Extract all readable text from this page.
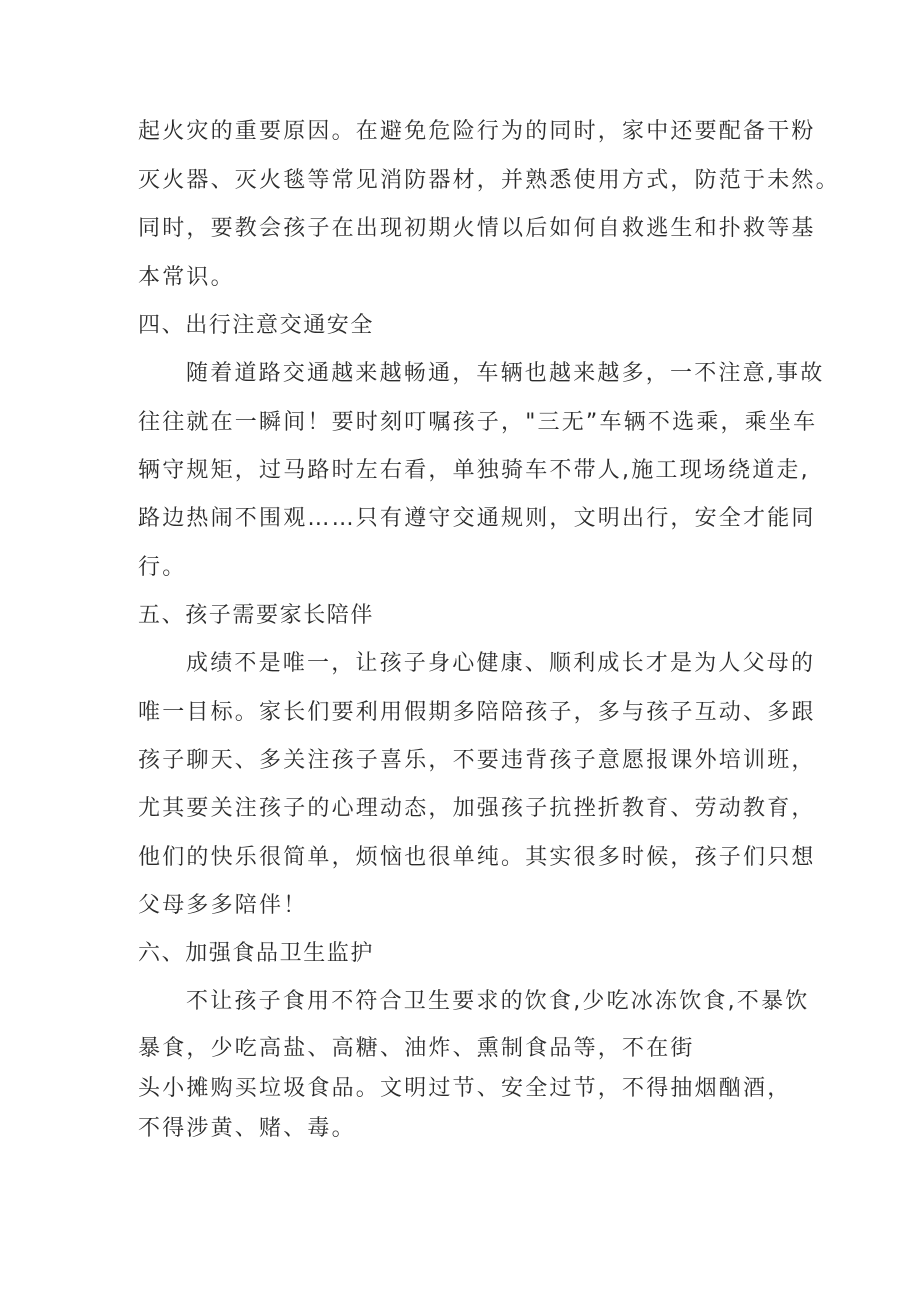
起火灾的重要原因。在避免危险行为的同时，家中还要配备干粉

灭火器、灭火毯等常见消防器材，并熟悉使用方式，防范于未然。

同时，要教会孩子在出现初期火情以后如何自救逃生和扑救等基

本常识。

四、出行注意交通安全

随着道路交通越来越畅通，车辆也越来越多，一不注意,事故

往往就在一瞬间！要时刻叮嘱孩子，"三无”车辆不选乘，乘坐车

辆守规矩，过马路时左右看，单独骑车不带人,施工现场绕道走,

路边热闹不围观……只有遵守交通规则，文明出行，安全才能同

行。

五、孩子需要家长陪伴

成绩不是唯一，让孩子身心健康、顺利成长才是为人父母的

唯一目标。家长们要利用假期多陪陪孩子，多与孩子互动、多跟

孩子聊天、多关注孩子喜乐，不要违背孩子意愿报课外培训班，

尤其要关注孩子的心理动态，加强孩子抗挫折教育、劳动教育，

他们的快乐很简单，烦恼也很单纯。其实很多时候，孩子们只想

父母多多陪伴！

六、加强食品卫生监护

不让孩子食用不符合卫生要求的饮食,少吃冰冻饮食,不暴饮

暴食，少吃高盐、高糖、油炸、熏制食品等，不在街

头小摊购买垃圾食品。文明过节、安全过节，不得抽烟酗酒，

不得涉黄、赌、毒。
